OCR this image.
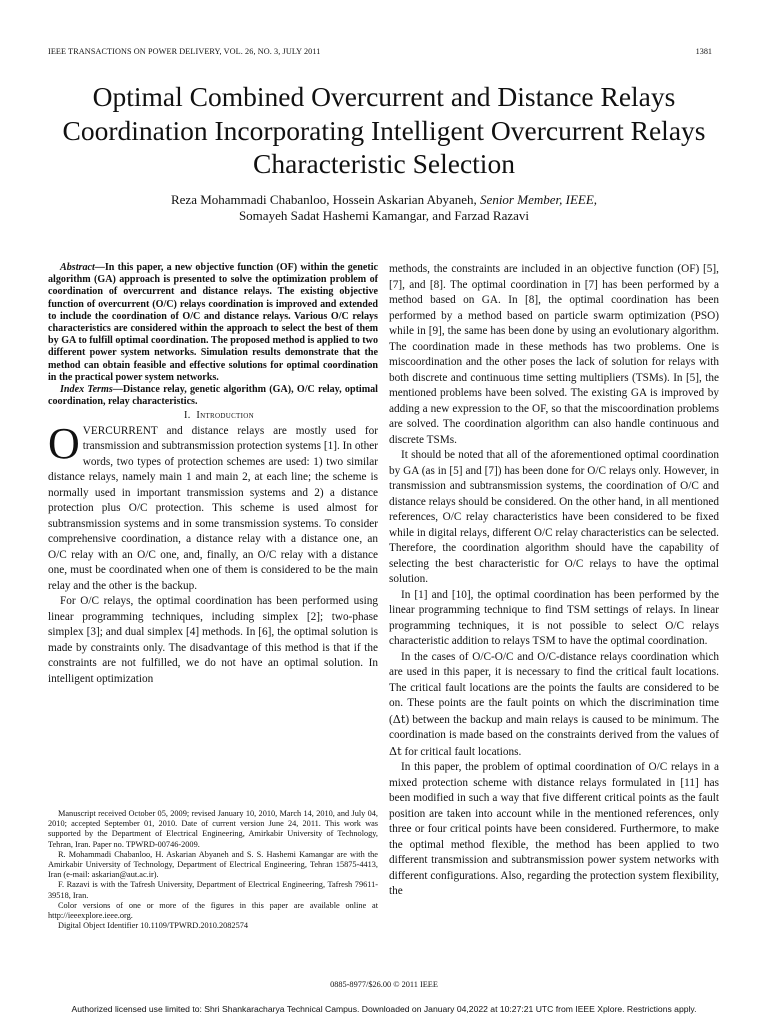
IEEE TRANSACTIONS ON POWER DELIVERY, VOL. 26, NO. 3, JULY 2011	1381
Optimal Combined Overcurrent and Distance Relays Coordination Incorporating Intelligent Overcurrent Relays Characteristic Selection
Reza Mohammadi Chabanloo, Hossein Askarian Abyaneh, Senior Member, IEEE,
Somayeh Sadat Hashemi Kamangar, and Farzad Razavi

Abstract—In this paper, a new objective function (OF) within the genetic algorithm (GA) approach is presented to solve the optimization problem of coordination of overcurrent and distance relays. The existing objective function of overcurrent (O/C) relays coordination is improved and extended to include the coordination of O/C and distance relays. Various O/C relays characteristics are considered within the approach to select the best of them by GA to fulfill optimal coordination. The proposed method is applied to two different power system networks. Simulation results demonstrate that the method can obtain feasible and effective solutions for optimal coordination in the practical power system networks.

Index Terms—Distance relay, genetic algorithm (GA), O/C relay, optimal coordination, relay characteristics.

I. Introduction

OVERCURRENT and distance relays are mostly used for transmission and subtransmission protection systems [1]. In other words, two types of protection schemes are used: 1) two similar distance relays, namely main 1 and main 2, at each line; the scheme is normally used in important transmission systems and 2) a distance protection plus O/C protection. This scheme is used almost for subtransmission systems and in some transmission systems. To consider comprehensive coordination, a distance relay with a distance one, an O/C relay with an O/C one, and, finally, an O/C relay with a distance one, must be coordinated when one of them is considered to be the main relay and the other is the backup.

For O/C relays, the optimal coordination has been performed using linear programming techniques, including simplex [2]; two-phase simplex [3]; and dual simplex [4] methods. In [6], the optimal solution is made by constraints only. The disadvantage of this method is that if the constraints are not fulfilled, we do not have an optimal solution. In intelligent optimization

Manuscript received October 05, 2009; revised January 10, 2010, March 14, 2010, and July 04, 2010; accepted September 01, 2010. Date of current version June 24, 2011. This work was supported by the Department of Electrical Engineering, Amirkabir University of Technology, Tehran, Iran. Paper no. TPWRD-00746-2009.

R. Mohammadi Chabanloo, H. Askarian Abyaneh and S. S. Hashemi Kamangar are with the Amirkabir University of Technology, Department of Electrical Engineering, Tehran 15875-4413, Iran (e-mail: askarian@aut.ac.ir).

F. Razavi is with the Tafresh University, Department of Electrical Engineering, Tafresh 79611-39518, Iran.

Color versions of one or more of the figures in this paper are available online at http://ieeexplore.ieee.org.

Digital Object Identifier 10.1109/TPWRD.2010.2082574

methods, the constraints are included in an objective function (OF) [5], [7], and [8]. The optimal coordination in [7] has been performed by a method based on GA. In [8], the optimal coordination has been performed by a method based on particle swarm optimization (PSO) while in [9], the same has been done by using an evolutionary algorithm. The coordination made in these methods has two problems. One is miscoordination and the other poses the lack of solution for relays with both discrete and continuous time setting multipliers (TSMs). In [5], the mentioned problems have been solved. The existing GA is improved by adding a new expression to the OF, so that the miscoordination problems are solved. The coordination algorithm can also handle continuous and discrete TSMs.

It should be noted that all of the aforementioned optimal coordination by GA (as in [5] and [7]) has been done for O/C relays only. However, in transmission and subtransmission systems, the coordination of O/C and distance relays should be considered. On the other hand, in all mentioned references, O/C relay characteristics have been considered to be fixed while in digital relays, different O/C relay characteristics can be selected. Therefore, the coordination algorithm should have the capability of selecting the best characteristic for O/C relays to have the optimal solution.

In [1] and [10], the optimal coordination has been performed by the linear programming technique to find TSM settings of relays. In linear programming techniques, it is not possible to select O/C relays characteristic addition to relays TSM to have the optimal coordination.

In the cases of O/C-O/C and O/C-distance relays coordination which are used in this paper, it is necessary to find the critical fault locations. The critical fault locations are the points the faults are considered to be on. These points are the fault points on which the discrimination time (Δt) between the backup and main relays is caused to be minimum. The coordination is made based on the constraints derived from the values of Δt for critical fault locations.

In this paper, the problem of optimal coordination of O/C relays in a mixed protection scheme with distance relays formulated in [11] has been modified in such a way that five different critical points as the fault position are taken into account while in the mentioned references, only three or four critical points have been considered. Furthermore, to make the optimal method flexible, the method has been applied to two different transmission and subtransmission power system networks with different configurations. Also, regarding the protection system flexibility, the

0885-8977/$26.00 © 2011 IEEE
Authorized licensed use limited to: Shri Shankaracharya Technical Campus. Downloaded on January 04,2022 at 10:27:21 UTC from IEEE Xplore. Restrictions apply.
